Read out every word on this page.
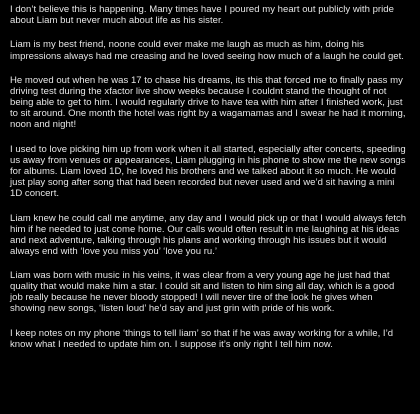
I don’t believe this is happening. Many times have I poured my heart out publicly with pride about Liam but never much about life as his sister.

Liam is my best friend, noone could ever make me laugh as much as him, doing his impressions always had me creasing and he loved seeing how much of a laugh he could get.

He moved out when he was 17 to chase his dreams, its this that forced me to finally pass my driving test during the xfactor live show weeks because I couldnt stand the thought of not being able to get to him. I would regularly drive to have tea with him after I finished work, just to sit around. One month the hotel was right by a wagamamas and I swear he had it morning, noon and night!

I used to love picking him up from work when it all started, especially after concerts, speeding us away from venues or appearances, Liam plugging in his phone to show me the new songs for albums. Liam loved 1D, he loved his brothers and we talked about it so much. He would just play song after song that had been recorded but never used and we’d sit having a mini 1D concert.

Liam knew he could call me anytime, any day and I would pick up or that I would always fetch him if he needed to just come home. Our calls would often result in me laughing at his ideas and next adventure, talking through his plans and working through his issues but it would always end with ‘love you miss you’ ‘love you ru.’

Liam was born with music in his veins, it was clear from a very young age he just had that quality that would make him a star. I could sit and listen to him sing all day, which is a good job really because he never bloody stopped! I will never tire of the look he gives when showing new songs, ‘listen loud’ he’d say and just grin with pride of his work.

I keep notes on my phone ‘things to tell liam’ so that if he was away working for a while, I’d know what I needed to update him on. I suppose it’s only right I tell him now.
